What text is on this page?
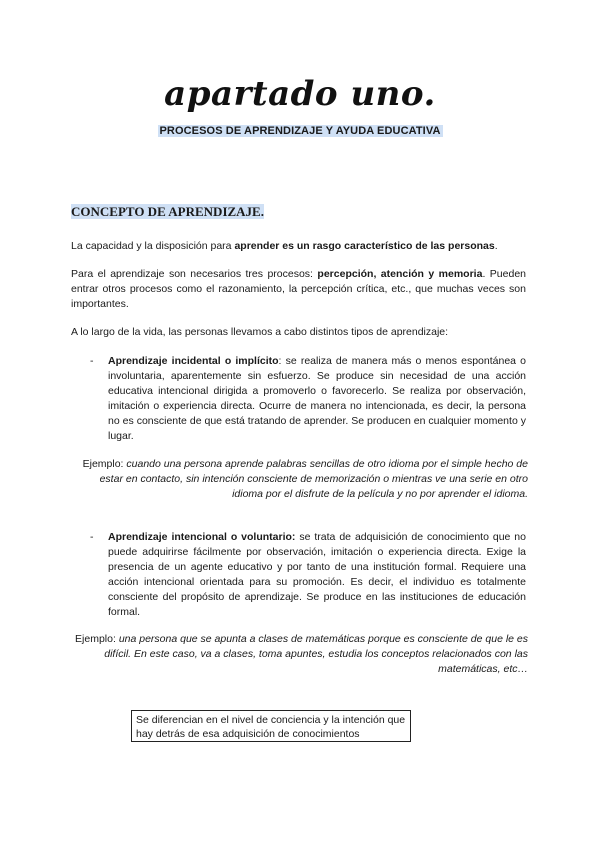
apartado uno.
PROCESOS DE APRENDIZAJE Y AYUDA EDUCATIVA
CONCEPTO DE APRENDIZAJE.

La capacidad y la disposición para aprender es un rasgo característico de las personas.

Para el aprendizaje son necesarios tres procesos: percepción, atención y memoria. Pueden entrar otros procesos como el razonamiento, la percepción crítica, etc., que muchas veces son importantes.

A lo largo de la vida, las personas llevamos a cabo distintos tipos de aprendizaje:

- Aprendizaje incidental o implícito: se realiza de manera más o menos espontánea o involuntaria, aparentemente sin esfuerzo. Se produce sin necesidad de una acción educativa intencional dirigida a promoverlo o favorecerlo. Se realiza por observación, imitación o experiencia directa. Ocurre de manera no intencionada, es decir, la persona no es consciente de que está tratando de aprender. Se producen en cualquier momento y lugar.
Ejemplo: cuando una persona aprende palabras sencillas de otro idioma por el simple hecho de estar en contacto, sin intención consciente de memorización o mientras ve una serie en otro idioma por el disfrute de la película y no por aprender el idioma.
- Aprendizaje intencional o voluntario: se trata de adquisición de conocimiento que no puede adquirirse fácilmente por observación, imitación o experiencia directa. Exige la presencia de un agente educativo y por tanto de una institución formal. Requiere una acción intencional orientada para su promoción. Es decir, el individuo es totalmente consciente del propósito de aprendizaje. Se produce en las instituciones de educación formal.
Ejemplo: una persona que se apunta a clases de matemáticas porque es consciente de que le es difícil. En este caso, va a clases, toma apuntes, estudia los conceptos relacionados con las matemáticas, etc…
Se diferencian en el nivel de conciencia y la intención que hay detrás de esa adquisición de conocimientos
